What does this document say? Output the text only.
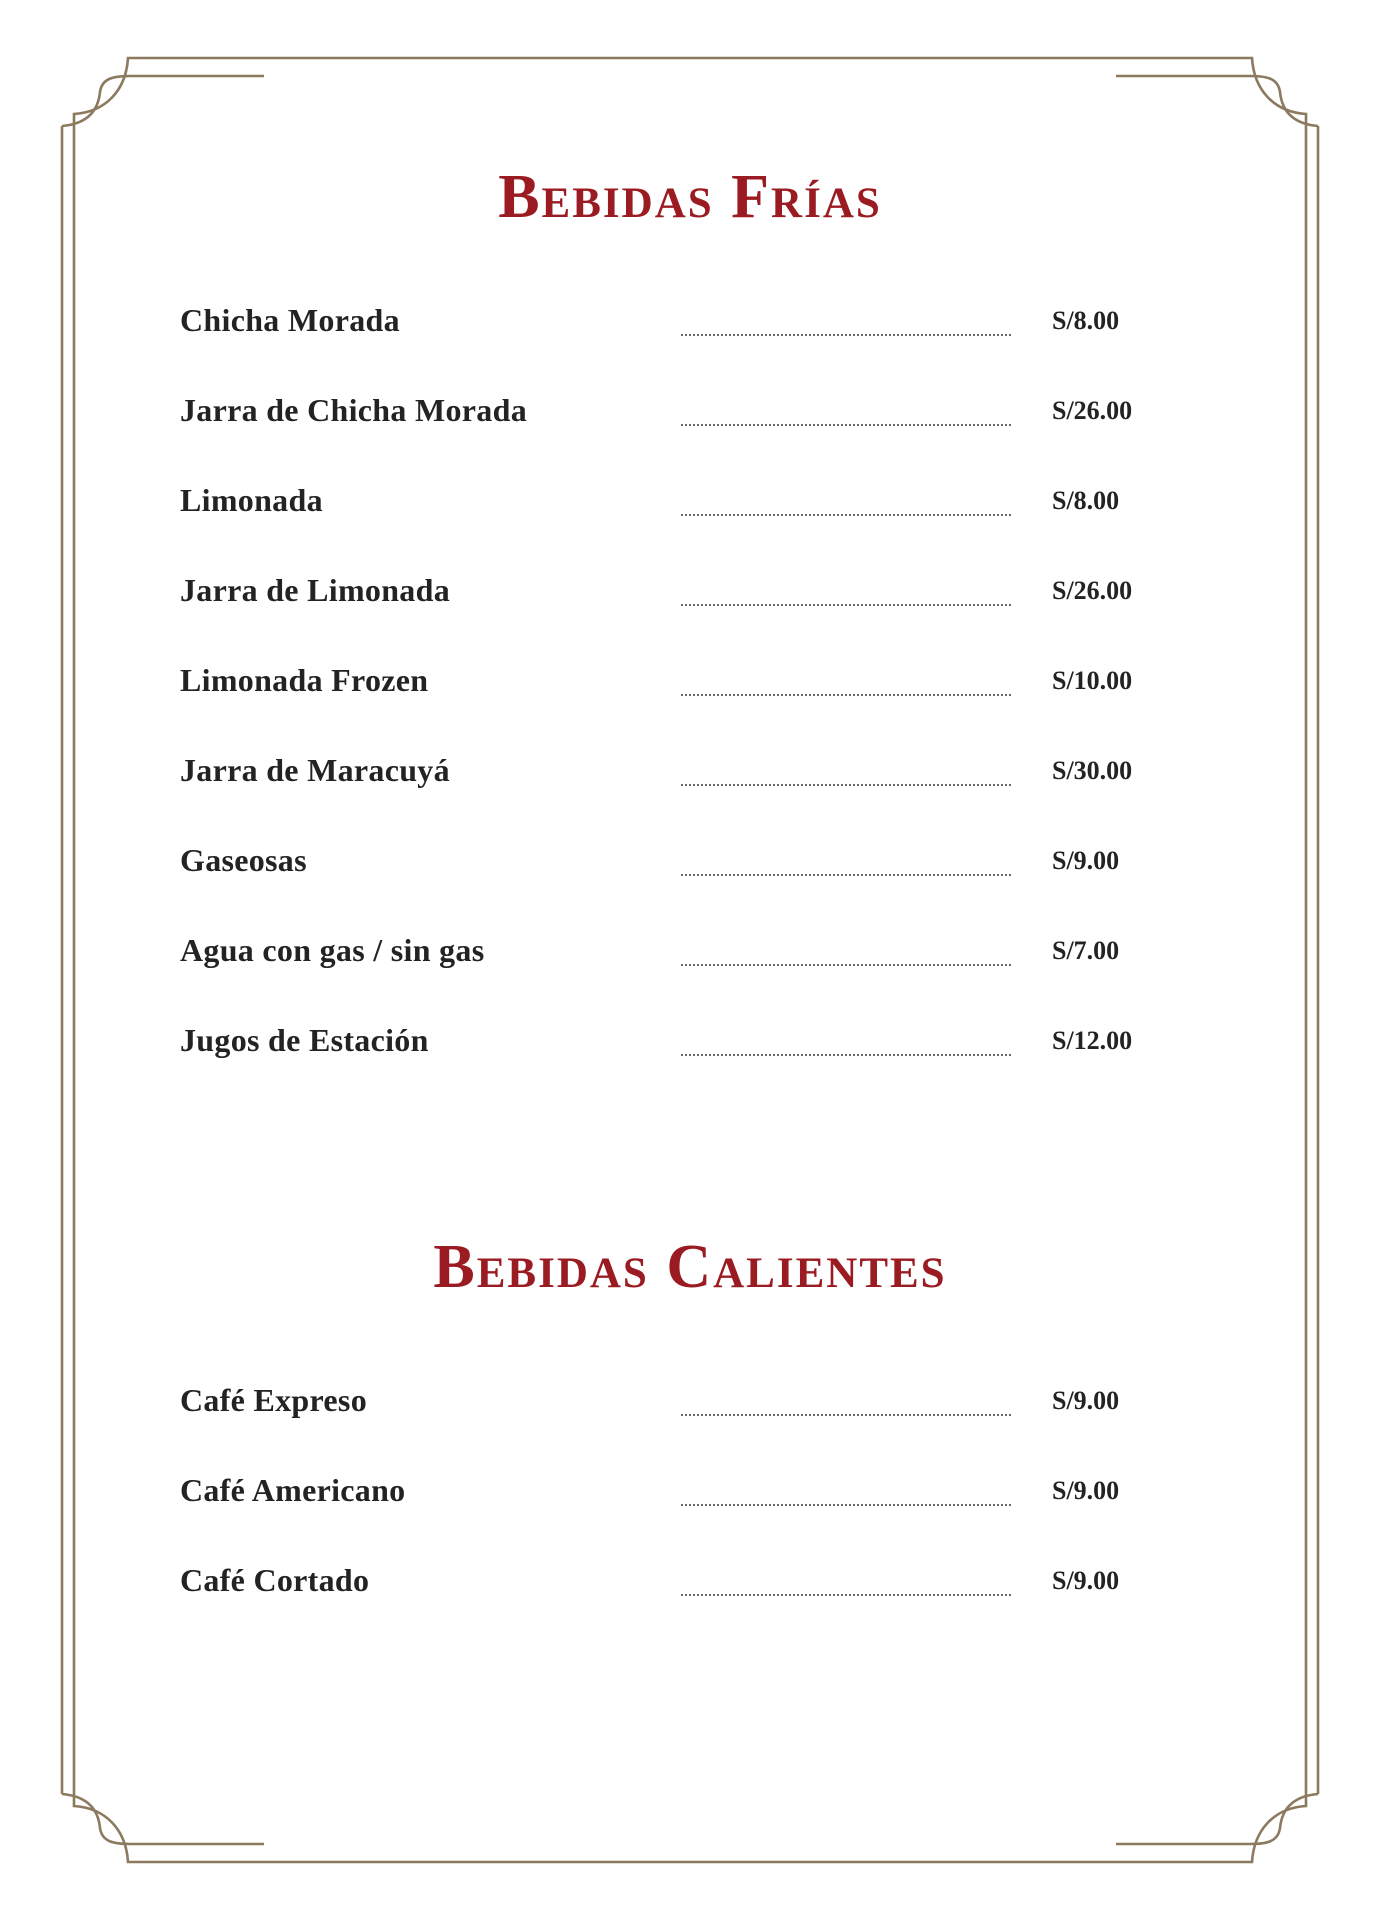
Bebidas Frías
Chicha Morada	S/8.00
Jarra de Chicha Morada	S/26.00
Limonada	S/8.00
Jarra de Limonada	S/26.00
Limonada Frozen	S/10.00
Jarra de Maracuyá	S/30.00
Gaseosas	S/9.00
Agua con gas / sin gas	S/7.00
Jugos de Estación	S/12.00
Bebidas Calientes
Café Expreso	S/9.00
Café Americano	S/9.00
Café Cortado	S/9.00
